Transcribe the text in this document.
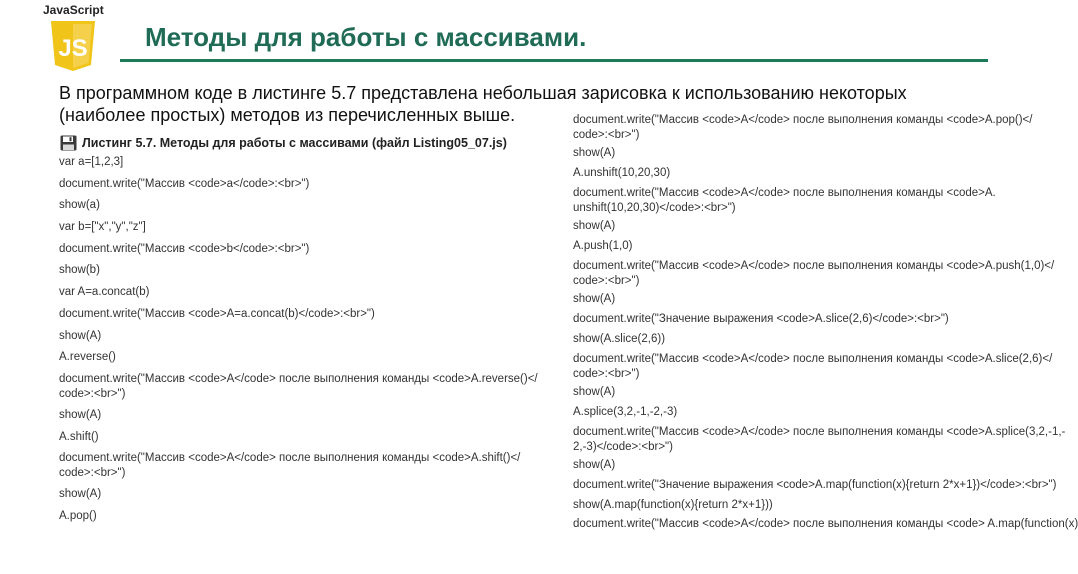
JavaScript
JS Методы для работы с массивами.
В программном коде в листинге 5.7 представлена небольшая зарисовка к использованию некоторых (наиболее простых) методов из перечисленных выше.
Листинг 5.7. Методы для работы с массивами (файл Listing05_07.js)
var a=[1,2,3]
document.write("Массив <code>a</code>:<br>")
show(a)
var b=["x","y","z"]
document.write("Массив <code>b</code>:<br>")
show(b)
var A=a.concat(b)
document.write("Массив <code>A=a.concat(b)</code>:<br>")
show(A)
A.reverse()
document.write("Массив <code>A</code> после выполнения команды <code>A.reverse()</
code>:<br>")
show(A)
A.shift()
document.write("Массив <code>A</code> после выполнения команды <code>A.shift()</
code>:<br>")
show(A)
A.pop()
document.write("Массив <code>A</code> после выполнения команды <code>A.pop()</
code>:<br>")
show(A)
A.unshift(10,20,30)
document.write("Массив <code>A</code> после выполнения команды <code>A.
unshift(10,20,30)</code>:<br>")
show(A)
A.push(1,0)
document.write("Массив <code>A</code> после выполнения команды <code>A.push(1,0)</
code>:<br>")
show(A)
document.write("Значение выражения <code>A.slice(2,6)</code>:<br>")
show(A.slice(2,6))
document.write("Массив <code>A</code> после выполнения команды <code>A.slice(2,6)</
code>:<br>")
show(A)
A.splice(3,2,-1,-2,-3)
document.write("Массив <code>A</code> после выполнения команды <code>A.splice(3,2,-1,-
2,-3)</code>:<br>")
show(A)
document.write("Значение выражения <code>A.map(function(x){return 2*x+1})</code>:<br>")
show(A.map(function(x){return 2*x+1}))
document.write("Массив <code>A</code> после выполнения команды <code> A.map(function(x)
